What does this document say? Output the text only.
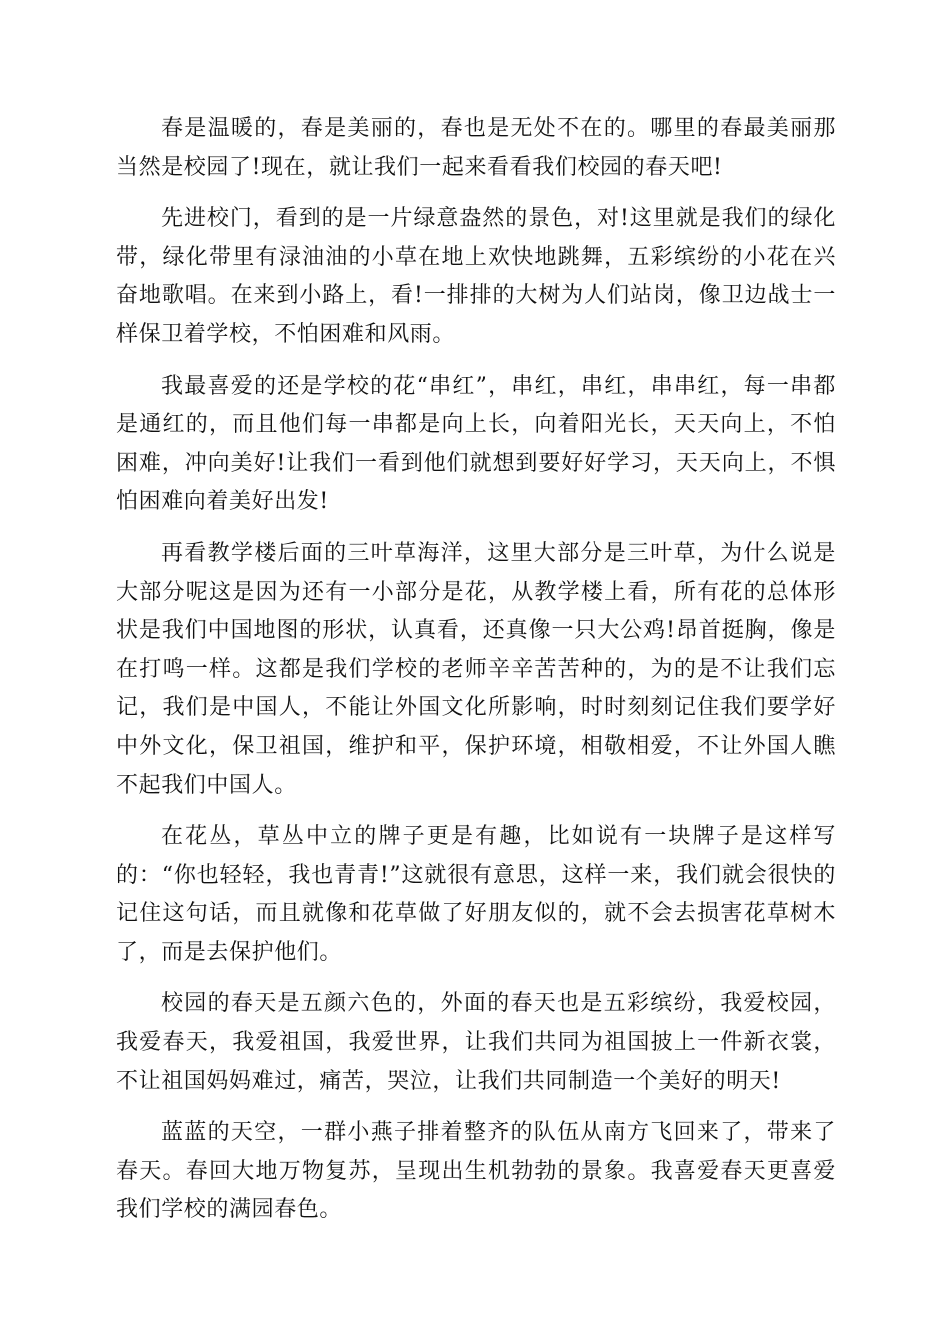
春是温暖的，春是美丽的，春也是无处不在的。哪里的春最美丽那当然是校园了!现在，就让我们一起来看看我们校园的春天吧!

先进校门，看到的是一片绿意盎然的景色，对!这里就是我们的绿化带，绿化带里有渌油油的小草在地上欢快地跳舞，五彩缤纷的小花在兴奋地歌唱。在来到小路上，看!一排排的大树为人们站岗，像卫边战士一样保卫着学校，不怕困难和风雨。

我最喜爱的还是学校的花“串红”，串红，串红，串串红，每一串都是通红的，而且他们每一串都是向上长，向着阳光长，天天向上，不怕困难，冲向美好!让我们一看到他们就想到要好好学习，天天向上，不惧怕困难向着美好出发!

再看教学楼后面的三叶草海洋，这里大部分是三叶草，为什么说是大部分呢这是因为还有一小部分是花，从教学楼上看，所有花的总体形状是我们中国地图的形状，认真看，还真像一只大公鸡!昂首挺胸，像是在打鸣一样。这都是我们学校的老师辛辛苦苦种的，为的是不让我们忘记，我们是中国人，不能让外国文化所影响，时时刻刻记住我们要学好中外文化，保卫祖国，维护和平，保护环境，相敬相爱，不让外国人瞧不起我们中国人。

在花丛，草丛中立的牌子更是有趣，比如说有一块牌子是这样写的：“你也轻轻，我也青青!”这就很有意思，这样一来，我们就会很快的记住这句话，而且就像和花草做了好朋友似的，就不会去损害花草树木了，而是去保护他们。

校园的春天是五颜六色的，外面的春天也是五彩缤纷，我爱校园，我爱春天，我爱祖国，我爱世界，让我们共同为祖国披上一件新衣裳，不让祖国妈妈难过，痛苦，哭泣，让我们共同制造一个美好的明天!

蓝蓝的天空，一群小燕子排着整齐的队伍从南方飞回来了，带来了春天。春回大地万物复苏，呈现出生机勃勃的景象。我喜爱春天更喜爱我们学校的满园春色。
